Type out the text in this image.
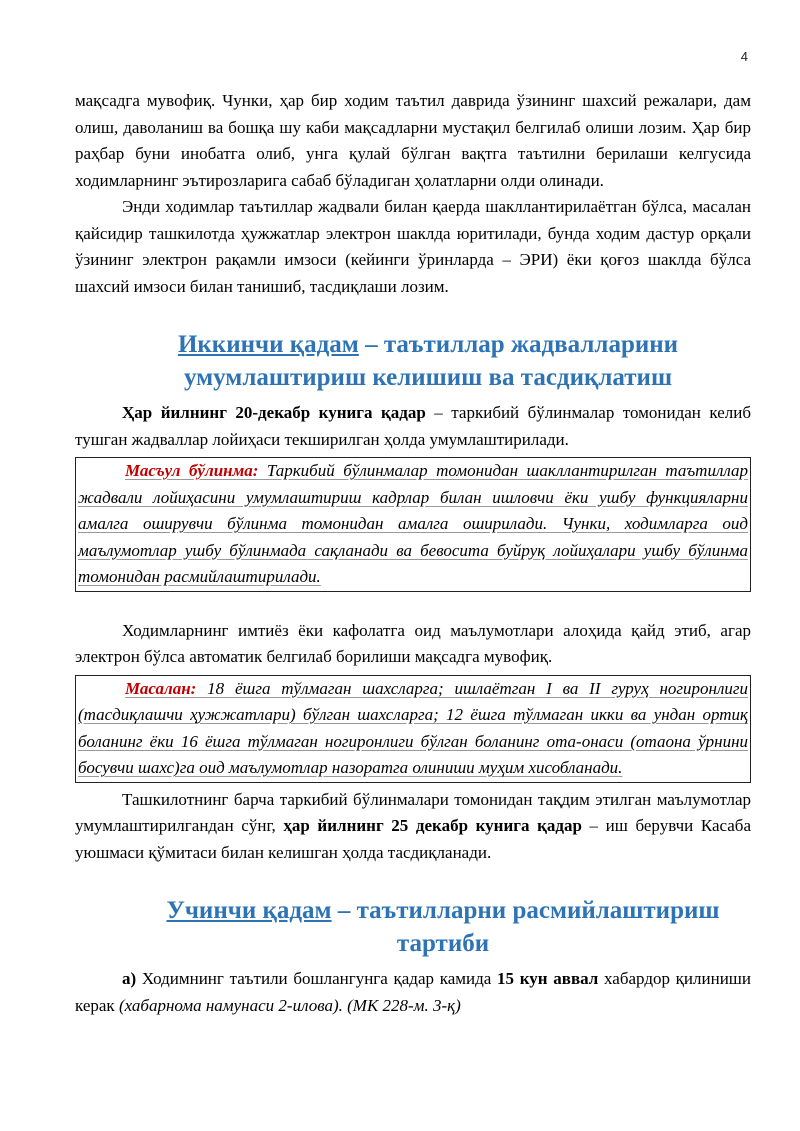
4

мақсадга мувофиқ. Чунки, ҳар бир ходим таътил даврида ўзининг шахсий режалари, дам олиш, даволаниш ва бошқа шу каби мақсадларни мустақил белгилаб олиши лозим. Ҳар бир раҳбар буни инобатга олиб, унга қулай бўлган вақтга таътилни берилаши келгусида ходимларнинг эътирозларига сабаб бўладиган ҳолатларни олди олинади.

Энди ходимлар таътиллар жадвали билан қаерда шакллантирилаётган бўлса, масалан қайсидир ташкилотда ҳужжатлар электрон шаклда юритилади, бунда ходим дастур орқали ўзининг электрон рақамли имзоси (кейинги ўринларда – ЭРИ) ёки қоғоз шаклда бўлса шахсий имзоси билан танишиб, тасдиқлаши лозим.

Иккинчи қадам – таътиллар жадвалларини
умумлаштириш келишиш ва тасдиқлатиш

Ҳар йилнинг 20-декабр кунига қадар – таркибий бўлинмалар томонидан келиб тушган жадваллар лойиҳаси текширилган ҳолда умумлаштирилади.

Масъул бўлинма: Таркибий бўлинмалар томонидан шакллантирилган таътиллар жадвали лойиҳасини умумлаштириш кадрлар билан ишловчи ёки ушбу функцияларни амалга оширувчи бўлинма томонидан амалга оширилади. Чунки, ходимларга оид маълумотлар ушбу бўлинмада сақланади ва бевосита буйруқ лойиҳалари ушбу бўлинма томонидан расмийлаштирилади.

Ходимларнинг имтиёз ёки кафолатга оид маълумотлари алоҳида қайд этиб, агар электрон бўлса автоматик белгилаб борилиши мақсадга мувофиқ.

Масалан: 18 ёшга тўлмаган шахсларга; ишлаётган I ва II гуруҳ ногиронлиги (тасдиқлашчи ҳужжатлари) бўлган шахсларга; 12 ёшга тўлмаган икки ва ундан ортиқ боланинг ёки 16 ёшга тўлмаган ногиронлиги бўлган боланинг ота-онаси (отаона ўрнини босувчи шахс)га оид маълумотлар назоратга олиниши муҳим хисобланади.

Ташкилотнинг барча таркибий бўлинмалари томонидан тақдим этилган маълумотлар умумлаштирилгандан сўнг, ҳар йилнинг 25 декабр кунига қадар – иш берувчи Касаба уюшмаси қўмитаси билан келишган ҳолда тасдиқланади.

Учинчи қадам – таътилларни расмийлаштириш
тартиби

а) Ходимнинг таътили бошлангунга қадар камида 15 кун аввал хабардор қилиниши керак (хабарнома намунаси 2-илова). (МК 228-м. 3-қ)
